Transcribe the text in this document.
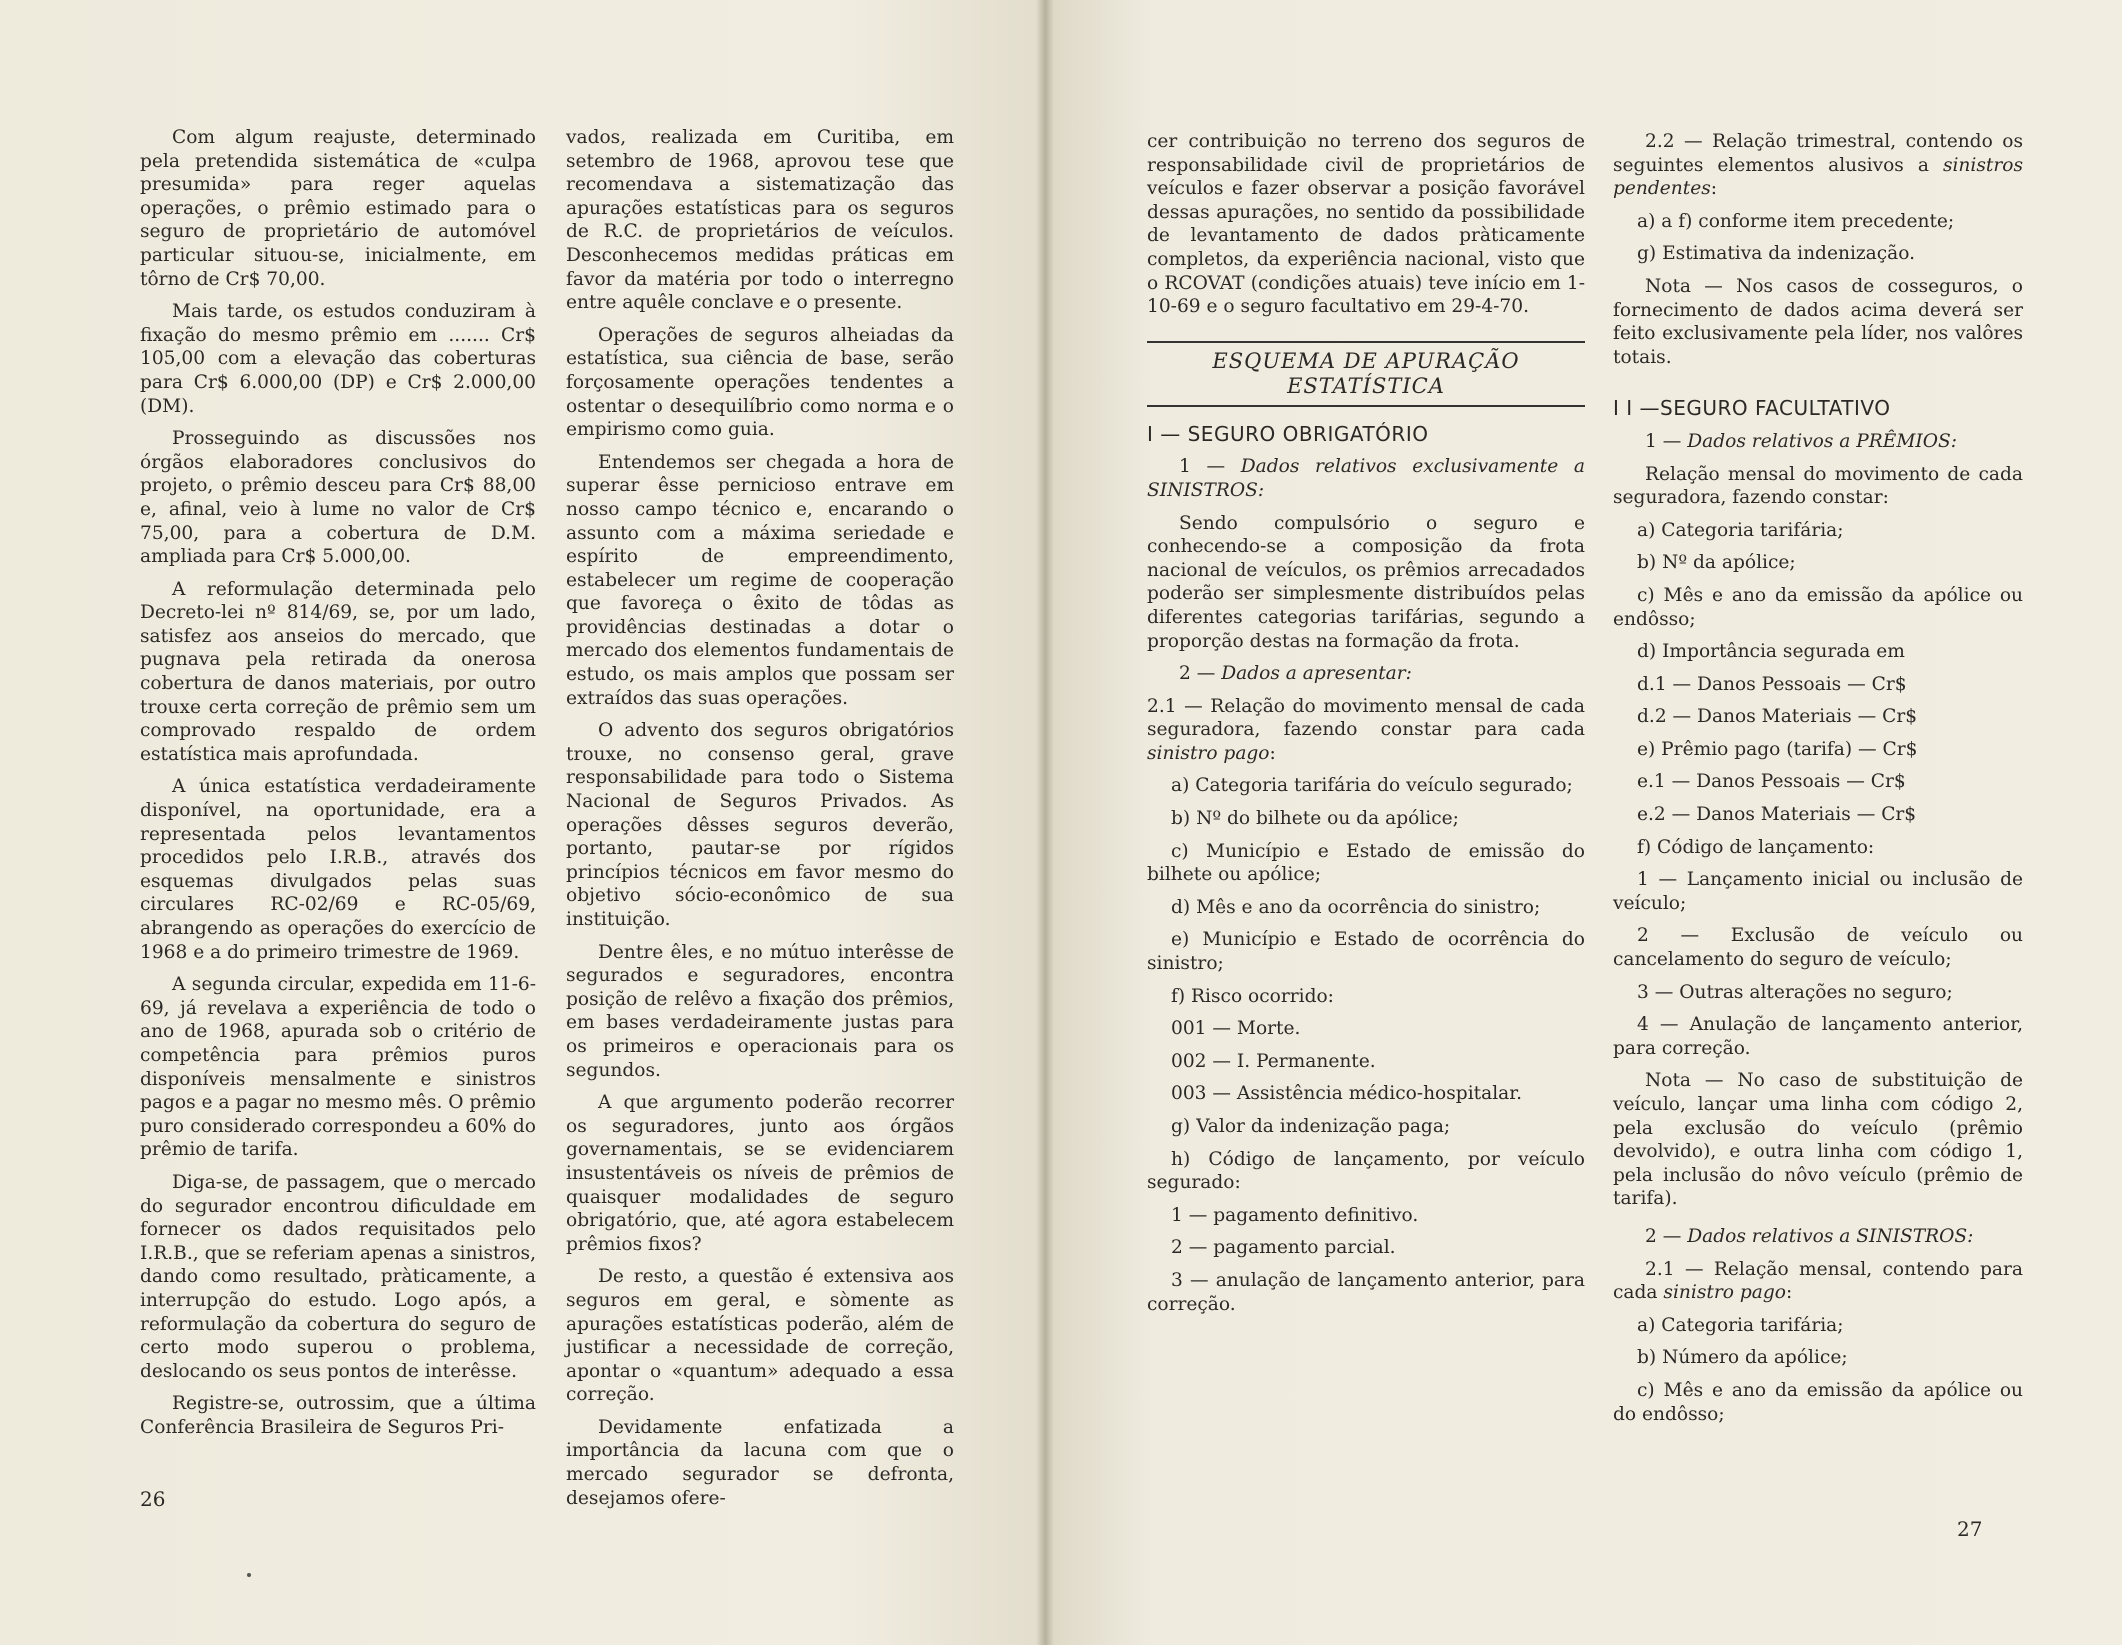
Com algum reajuste, determinado pela pretendida sistemática de «culpa presumida» para reger aquelas operações, o prêmio estimado para o seguro de proprietário de automóvel particular situou-se, inicialmente, em tôrno de Cr$ 70,00.

Mais tarde, os estudos conduziram à fixação do mesmo prêmio em ....... Cr$ 105,00 com a elevação das coberturas para Cr$ 6.000,00 (DP) e Cr$ 2.000,00 (DM).

Prosseguindo as discussões nos órgãos elaboradores conclusivos do projeto, o prêmio desceu para Cr$ 88,00 e, afinal, veio à lume no valor de Cr$ 75,00, para a cobertura de D.M. ampliada para Cr$ 5.000,00.

A reformulação determinada pelo Decreto-lei nº 814/69, se, por um lado, satisfez aos anseios do mercado, que pugnava pela retirada da onerosa cobertura de danos materiais, por outro trouxe certa correção de prêmio sem um comprovado respaldo de ordem estatística mais aprofundada.

A única estatística verdadeiramente disponível, na oportunidade, era a representada pelos levantamentos procedidos pelo I.R.B., através dos esquemas divulgados pelas suas circulares RC-02/69 e RC-05/69, abrangendo as operações do exercício de 1968 e a do primeiro trimestre de 1969.

A segunda circular, expedida em 11-6-69, já revelava a experiência de todo o ano de 1968, apurada sob o critério de competência para prêmios puros disponíveis mensalmente e sinistros pagos e a pagar no mesmo mês. O prêmio puro considerado correspondeu a 60% do prêmio de tarifa.

Diga-se, de passagem, que o mercado do segurador encontrou dificuldade em fornecer os dados requisitados pelo I.R.B., que se referiam apenas a sinistros, dando como resultado, pràticamente, a interrupção do estudo. Logo após, a reformulação da cobertura do seguro de certo modo superou o problema, deslocando os seus pontos de interêsse.

Registre-se, outrossim, que a última Conferência Brasileira de Seguros Pri-

vados, realizada em Curitiba, em setembro de 1968, aprovou tese que recomendava a sistematização das apurações estatísticas para os seguros de R.C. de proprietários de veículos. Desconhecemos medidas práticas em favor da matéria por todo o interregno entre aquêle conclave e o presente.

Operações de seguros alheiadas da estatística, sua ciência de base, serão forçosamente operações tendentes a ostentar o desequilíbrio como norma e o empirismo como guia.

Entendemos ser chegada a hora de superar êsse pernicioso entrave em nosso campo técnico e, encarando o assunto com a máxima seriedade e espírito de empreendimento, estabelecer um regime de cooperação que favoreça o êxito de tôdas as providências destinadas a dotar o mercado dos elementos fundamentais de estudo, os mais amplos que possam ser extraídos das suas operações.

O advento dos seguros obrigatórios trouxe, no consenso geral, grave responsabilidade para todo o Sistema Nacional de Seguros Privados. As operações dêsses seguros deverão, portanto, pautar-se por rígidos princípios técnicos em favor mesmo do objetivo sócio-econômico de sua instituição.

Dentre êles, e no mútuo interêsse de segurados e seguradores, encontra posição de relêvo a fixação dos prêmios, em bases verdadeiramente justas para os primeiros e operacionais para os segundos.

A que argumento poderão recorrer os seguradores, junto aos órgãos governamentais, se se evidenciarem insustentáveis os níveis de prêmios de quaisquer modalidades de seguro obrigatório, que, até agora estabelecem prêmios fixos?

De resto, a questão é extensiva aos seguros em geral, e sòmente as apurações estatísticas poderão, além de justificar a necessidade de correção, apontar o «quantum» adequado a essa correção.

Devidamente enfatizada a importância da lacuna com que o mercado segurador se defronta, desejamos ofere-

26

cer contribuição no terreno dos seguros de responsabilidade civil de proprietários de veículos e fazer observar a posição favorável dessas apurações, no sentido da possibilidade de levantamento de dados pràticamente completos, da experiência nacional, visto que o RCOVAT (condições atuais) teve início em 1-10-69 e o seguro facultativo em 29-4-70.

ESQUEMA DE APURAÇÃO
ESTATÍSTICA

I — SEGURO OBRIGATÓRIO

1 — Dados relativos exclusivamente a SINISTROS:

Sendo compulsório o seguro e conhecendo-se a composição da frota nacional de veículos, os prêmios arrecadados poderão ser simplesmente distribuídos pelas diferentes categorias tarifárias, segundo a proporção destas na formação da frota.

2 — Dados a apresentar:

2.1 — Relação do movimento mensal de cada seguradora, fazendo constar para cada sinistro pago:

a) Categoria tarifária do veículo segurado;

b) Nº do bilhete ou da apólice;

c) Município e Estado de emissão do bilhete ou apólice;

d) Mês e ano da ocorrência do sinistro;

e) Município e Estado de ocorrência do sinistro;

f) Risco ocorrido:

001 — Morte.

002 — I. Permanente.

003 — Assistência médico-hospitalar.

g) Valor da indenização paga;

h) Código de lançamento, por veículo segurado:

1 — pagamento definitivo.

2 — pagamento parcial.

3 — anulação de lançamento anterior, para correção.

2.2 — Relação trimestral, contendo os seguintes elementos alusivos a sinistros pendentes:

a) a f) conforme item precedente;

g) Estimativa da indenização.

Nota — Nos casos de cosseguros, o fornecimento de dados acima deverá ser feito exclusivamente pela líder, nos valôres totais.

I I —SEGURO FACULTATIVO

1 — Dados relativos a PRÊMIOS:

Relação mensal do movimento de cada seguradora, fazendo constar:

a) Categoria tarifária;

b) Nº da apólice;

c) Mês e ano da emissão da apólice ou endôsso;

d) Importância segurada em

d.1 — Danos Pessoais — Cr$

d.2 — Danos Materiais — Cr$

e) Prêmio pago (tarifa) — Cr$

e.1 — Danos Pessoais — Cr$

e.2 — Danos Materiais — Cr$

f) Código de lançamento:

1 — Lançamento inicial ou inclusão de veículo;

2 — Exclusão de veículo ou cancelamento do seguro de veículo;

3 — Outras alterações no seguro;

4 — Anulação de lançamento anterior, para correção.

Nota — No caso de substituição de veículo, lançar uma linha com código 2, pela exclusão do veículo (prêmio devolvido), e outra linha com código 1, pela inclusão do nôvo veículo (prêmio de tarifa).

2 — Dados relativos a SINISTROS:

2.1 — Relação mensal, contendo para cada sinistro pago:

a) Categoria tarifária;

b) Número da apólice;

c) Mês e ano da emissão da apólice ou do endôsso;

27
